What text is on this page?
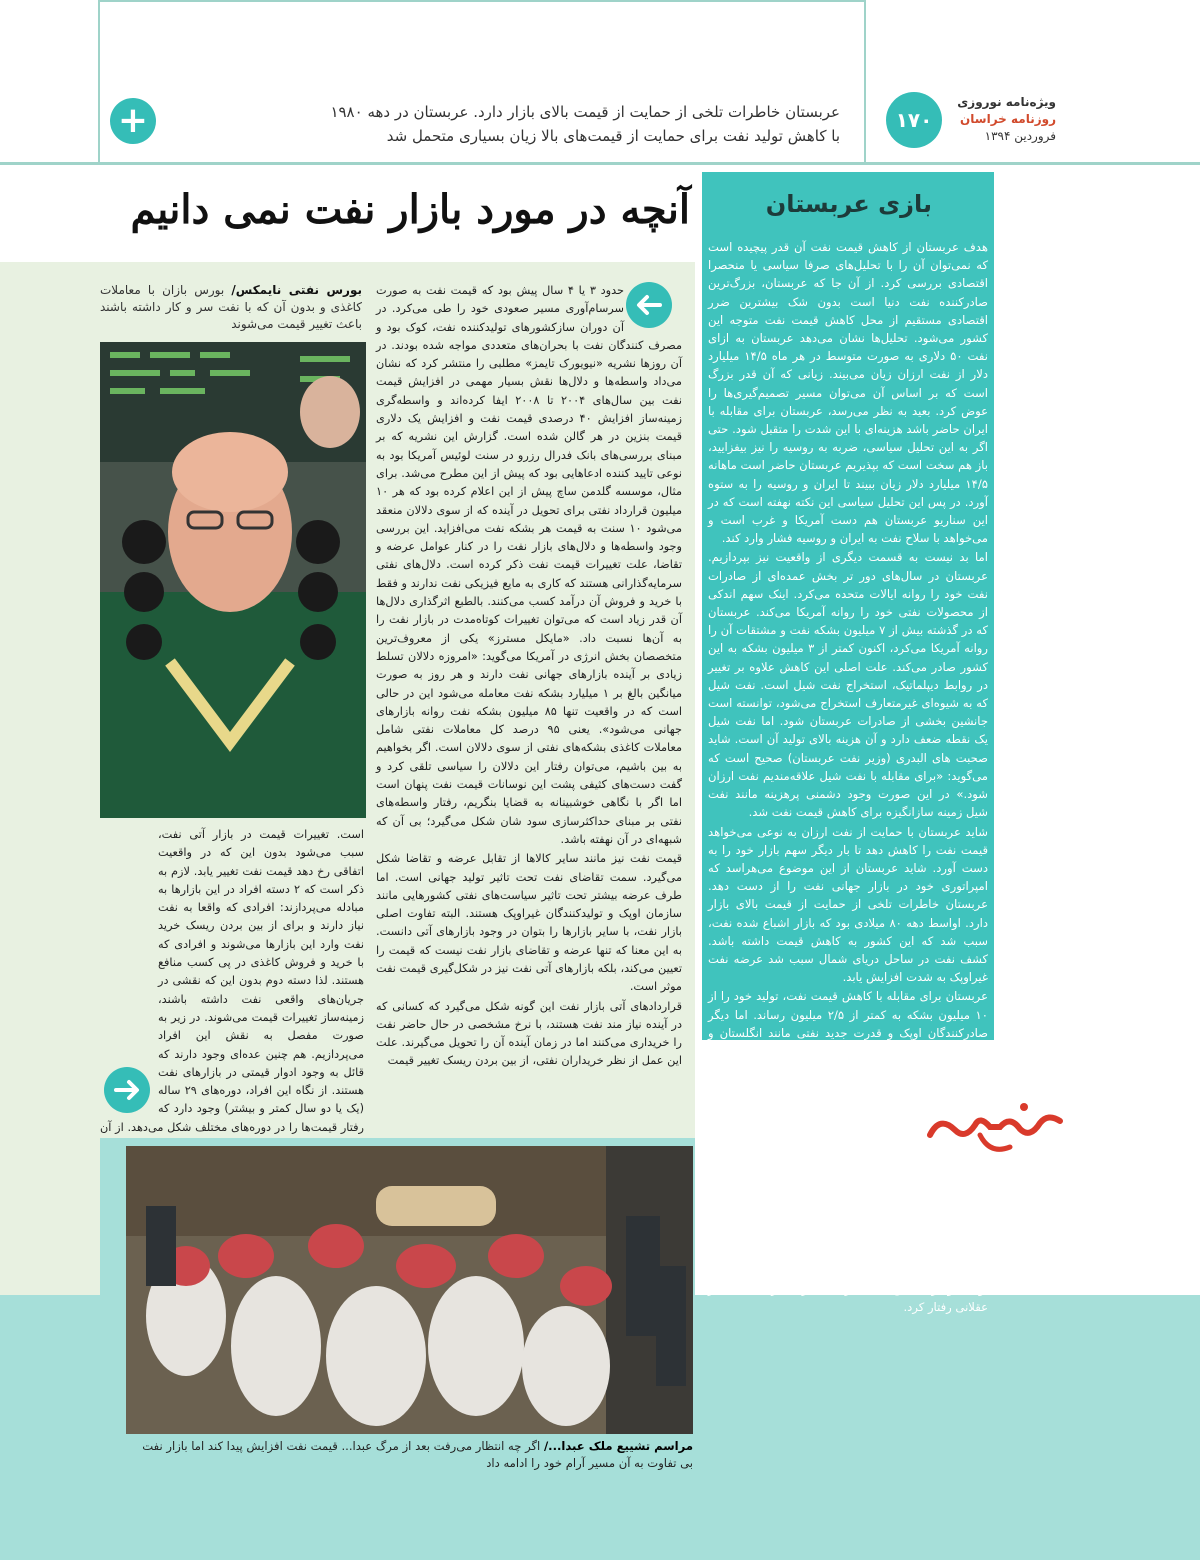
۱۷۰
ویژه‌نامه نوروزی
روزنامه خراسان
فروردین ۱۳۹۴
عربستان خاطرات تلخی از حمایت از قیمت بالای بازار دارد. عربستان در دهه ۱۹۸۰
با کاهش تولید نفت برای حمایت از قیمت‌های بالا زیان بسیاری متحمل شد
+
آنچه در مورد بازار نفت نمی دانیم	بازی عربستان

هدف عربستان از کاهش قیمت نفت آن قدر پیچیده است که نمی‌توان آن را با تحلیل‌های صرفا سیاسی یا منحصرا اقتصادی بررسی کرد. از آن جا که عربستان، بزرگ‌ترین صادرکننده نفت دنیا است بدون شک بیشترین ضرر اقتصادی مستقیم از محل کاهش قیمت نفت متوجه این کشور می‌شود. تحلیل‌ها نشان می‌دهد عربستان به ازای نفت ۵۰ دلاری به صورت متوسط در هر ماه ۱۴/۵ میلیارد دلار از نفت ارزان زیان می‌بیند. زیانی که آن قدر بزرگ است که بر اساس آن می‌توان مسیر تصمیم‌گیری‌ها را عوض کرد. بعید به نظر می‌رسد، عربستان برای مقابله با ایران حاضر باشد هزینه‌ای با این شدت را متقبل شود. حتی اگر به این تحلیل سیاسی، ضربه به روسیه را نیز بیفزایید، باز هم سخت است که بپذیریم عربستان حاضر است ماهانه ۱۴/۵ میلیارد دلار زیان ببیند تا ایران و روسیه را به ستوه آورد. در پس این تحلیل سیاسی این نکته نهفته است که در این سناریو عربستان هم دست آمریکا و غرب است و می‌خواهد با سلاح نفت به ایران و روسیه فشار وارد کند.

اما بد نیست به قسمت دیگری از واقعیت نیز بپردازیم. عربستان در سال‌های دور تر بخش عمده‌ای از صادرات نفت خود را روانه ایالات متحده می‌کرد. اینک سهم اندکی از محصولات نفتی خود را روانه آمریکا می‌کند. عربستان که در گذشته بیش از ۷ میلیون بشکه نفت و مشتقات آن را روانه آمریکا می‌کرد، اکنون کمتر از ۳ میلیون بشکه به این کشور صادر می‌کند. علت اصلی این کاهش علاوه بر تغییر در روابط دیپلماتیک، استخراج نفت شیل است. نفت شیل که به شیوه‌ای غیرمتعارف استخراج می‌شود، توانسته است جانشین بخشی از صادرات عربستان شود. اما نفت شیل یک نقطه ضعف دارد و آن هزینه بالای تولید آن است. شاید صحبت های البدری (وزیر نفت عربستان) صحیح است که می‌گوید: «برای مقابله با نفت شیل علاقه‌مندیم نفت ارزان شود.» در این صورت وجود دشمنی پرهزینه مانند نفت شیل زمینه سازانگیزه برای کاهش قیمت نفت شد.

شاید عربستان با حمایت از نفت ارزان به نوعی می‌خواهد قیمت نفت را کاهش دهد تا بار دیگر سهم بازار خود را به دست آورد. شاید عربستان از این موضوع می‌هراسد که امپراتوری خود در بازار جهانی نفت را از دست دهد. عربستان خاطرات تلخی از حمایت از قیمت بالای بازار دارد. اواسط دهه ۸۰ میلادی بود که بازار اشباع شده نفت، سبب شد که این کشور به کاهش قیمت داشته باشد. کشف نفت در ساحل دریای شمال سبب شد عرضه نفت غیراوپک به شدت افزایش یابد.

عربستان برای مقابله با کاهش قیمت نفت، تولید خود را از ۱۰ میلیون بشکه به کمتر از ۲/۵ میلیون رساند. اما دیگر صادرکنندگان اوپک و قدرت جدید نفتی مانند انگلستان و نروژ، از این استراتژی تبعیت نکردند و قیمت نفت از بشکه‌ای ۳۵ دلار به ۱۰ دلار رسید. در پی این فعل و انفعالات، عربستان سعودی ۱۶ سال با کسری بودجه مواجه شد و به واقع بزرگ‌ترین بازنده آن دوران نام گرفت. شاید عربستان از خاطرات تلخ آن روزها درس گرفته است و این بار با طناب پوسیده کشورهای اوپک به ته چاه نمی‌رود.

حفظ سهم بازار، جلوگیری از پیشرفت صنعت نفت شیل، فشار بر ایران و روسیه آن قدرها ارزشمند است تا این کشور هزینه ۱۴/۵ میلیارد دلاری ماهانه را به جان بخرد. در پایان باید گفت نگاه یک وجهی و سیاست‌زده به موضوع کاهش قیمت نفت می‌تواند زیان‌های فراوانی را بر کشور تحمیل کند. حتی اگر روسیه و ایران نبودند و ملاحظات سیاسی نقشی نداشتند، باز هم به نفع عربستان بود که تولید خود را کاهش ندهد. عربستان از منظر اقتصادی نیز عقلانی رفتار کرد.

حدود ۳ یا ۴ سال پیش بود که قیمت نفت به صورت سرسام‌آوری مسیر صعودی خود را طی می‌کرد. در آن دوران سازکشورهای تولیدکننده نفت، کوک بود و مصرف کنندگان نفت با بحران‌های متعددی مواجه شده بودند. در آن روزها نشریه «نیویورک تایمز» مطلبی را منتشر کرد که نشان می‌داد واسطه‌ها و دلال‌ها نقش بسیار مهمی در افزایش قیمت نفت بین سال‌های ۲۰۰۴ تا ۲۰۰۸ ایفا کرده‌اند و واسطه‌گری زمینه‌ساز افزایش ۴۰ درصدی قیمت نفت و افزایش یک دلاری قیمت بنزین در هر گالن شده است. گزارش این نشریه که بر مبنای بررسی‌های بانک فدرال رزرو در سنت لوئیس آمریکا بود به نوعی تایید کننده ادعاهایی بود که پیش از این مطرح می‌شد. برای مثال، موسسه گلدمن ساچ پیش از این اعلام کرده بود که هر ۱۰ میلیون قرارداد نفتی برای تحویل در آینده که از سوی دلالان منعقد می‌شود ۱۰ سنت به قیمت هر بشکه نفت می‌افزاید. این بررسی وجود واسطه‌ها و دلال‌های بازار نفت را در کنار عوامل عرضه و تقاضا، علت تغییرات قیمت نفت ذکر کرده است. دلال‌های نفتی سرمایه‌گذارانی هستند که کاری به مایع فیزیکی نفت ندارند و فقط با خرید و فروش آن درآمد کسب می‌کنند. بالطبع اثرگذاری دلال‌ها آن قدر زیاد است که می‌توان تغییرات کوتاه‌مدت در بازار نفت را به آن‌ها نسبت داد. «مایکل مسترز» یکی از معروف‌ترین متخصصان بخش انرژی در آمریکا می‌گوید: «امروزه دلالان تسلط زیادی بر آینده بازارهای جهانی نفت دارند و هر روز به صورت میانگین بالغ بر ۱ میلیارد بشکه نفت معامله می‌شود این در حالی است که در واقعیت تنها ۸۵ میلیون بشکه نفت روانه بازارهای جهانی می‌شود». یعنی ۹۵ درصد کل معاملات نفتی شامل معاملات کاغذی بشکه‌های نفتی از سوی دلالان است. اگر بخواهیم به بین باشیم، می‌توان رفتار این دلالان را سیاسی تلقی کرد و گفت دست‌های کثیفی پشت این نوسانات قیمت نفت پنهان است اما اگر با نگاهی خوشبینانه به قضایا بنگریم، رفتار واسطه‌های نفتی بر مبنای حداکثرسازی سود شان شکل می‌گیرد؛ بی آن که شبهه‌ای در آن نهفته باشد.

قیمت نفت نیز مانند سایر کالاها از تقابل عرضه و تقاضا شکل می‌گیرد. سمت تقاضای نفت تحت تاثیر تولید جهانی است. اما طرف عرضه بیشتر تحت تاثیر سیاست‌های نفتی کشورهایی مانند سازمان اوپک و تولیدکنندگان غیراوپک هستند. البته تفاوت اصلی بازار نفت، با سایر بازارها را بتوان در وجود بازارهای آتی دانست. به این معنا که تنها عرضه و تقاضای بازار نفت نیست که قیمت را تعیین می‌کند، بلکه بازارهای آتی نفت نیز در شکل‌گیری قیمت نفت موثر است.

قراردادهای آتی بازار نفت این گونه شکل می‌گیرد که کسانی که در آینده نیاز مند نفت هستند، با نرخ مشخصی در حال حاضر نفت را خریداری می‌کنند اما در زمان آینده آن را تحویل می‌گیرند. علت این عمل از نظر خریداران نفتی، از بین بردن ریسک تغییر قیمت

بورس نفتی نایمکس/ بورس بازان با معاملات کاغذی و بدون آن که با نفت سر و کار داشته باشند باعث تغییر قیمت می‌شوند
است. تغییرات قیمت در بازار آتی نفت، سبب می‌شود بدون این که در واقعیت اتفاقی رخ دهد قیمت نفت تغییر یابد. لازم به ذکر است که ۲ دسته افراد در این بازارها به مبادله می‌پردازند: افرادی که واقعا به نفت نیاز دارند و برای از بین بردن ریسک خرید نفت وارد این بازارها می‌شوند و افرادی که با خرید و فروش کاغذی در پی کسب منافع هستند. لذا دسته دوم بدون این که نقشی در جریان‌های واقعی نفت داشته باشند، زمینه‌ساز تغییرات قیمت می‌شوند. در زیر به صورت مفصل به نقش این افراد می‌پردازیم. هم چنین عده‌ای وجود دارند که قائل به وجود ادوار قیمتی در بازارهای نفت هستند. از نگاه این افراد، دوره‌های ۲۹ ساله (یک یا دو سال کمتر و بیشتر) وجود دارد که رفتار قیمت‌ها را در دوره‌های مختلف شکل می‌دهد. از آن
مراسم تشییع ملک عبدا.../ اگر چه انتظار می‌رفت بعد از مرگ عبدا... قیمت نفت افزایش پیدا کند اما بازار نفت بی تفاوت به آن مسیر آرام خود را ادامه داد
